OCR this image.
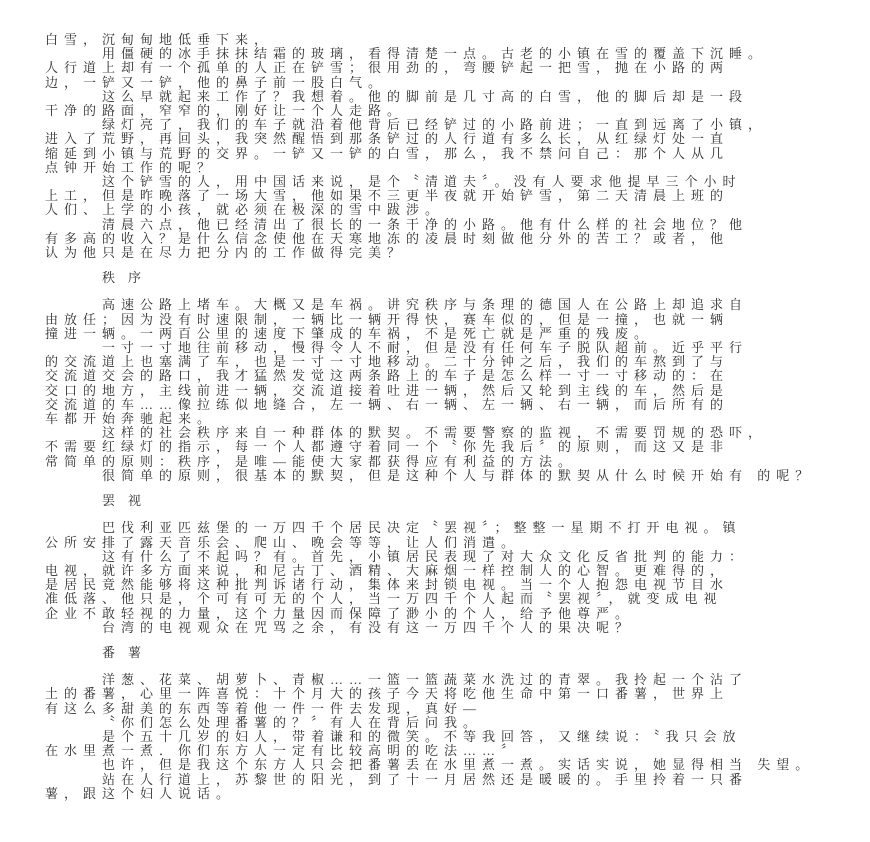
白雪，沉甸甸地低垂下来，
用僵硬的冰手抹抹结霜的玻璃，看得清楚一点。古老的小镇在雪的覆盖下沉睡。
人行道上却有一个孤单的人正在铲雪；很用劲的，弯腰铲起一把雪，抛在小路的两
边，一铲又一铲，他的鼻子前一股白气。
这么早就起来工作了？我想着。他的脚前是几寸高的白雪，他的脚后却是一段
干净的路面，窄窄的，刚好让一个人走路。
绿灯亮了，我们的车子就沿着他背后已经铲过的小路前进；一直到远离了小镇，
进入了荒野，再回头，我突然醒悟到那条铲过的人行道有多么长，从红绿灯处一直
缩延到小镇与荒野的交界。一铲又一铲的白雪，那么，我不禁问自己：那个人从几
点钟开始工作的呢？
这个铲雪的人，用中国话来说，是个〝清道夫〞。没有人要求他提早三个小时
上工，但是昨晚落了一场大雪，他如果不三更半夜就开始铲雪，第二天清晨上班的
人们、上学的小孩，就必须在极深的雪中跋涉。
清晨六点，他已经清出了很长的一条干净的小路。他有什么样的社会地位？他
有多高的收入？是什么信念使他在天寒地冻的凌晨时刻做他分外的苦工？或者，他
认为他只是在尽力把分内的工作做得完美？
秩序
高速公路上堵车。大概又是车祸。讲究秩序与条理的德国人在公路上却追求自
由放任；因为没有时速限制，一辆比一辆开得快，赛车似的，但是一撞，也就一辆
撞进一辆。一两百公里的速度下肇成的车祸，不是死亡就是严重的残废。
一寸一寸地往前移动，慢得令人不耐，但是没有任何车子脱队超前。近乎平行
的交流道上也塞满了车，也是一寸一寸地移动。二十分钟之后，我们的车熬到了与
交流道交会的路口，我才猛然发觉这两条路上的车子是怎么样一寸一寸移动的：在
交口的地方，主线前进一辆，交流道接着吐进一辆，然后又轮到主线的车，然后是
交流道的车……像拉练似地缝合，左一辆、右一辆、左一辆、右一辆，而后所有的
车都开始奔驰起来。
这样的社会秩序来自一种群体的默契。不需要警察的监视，不需要罚规的恐吓，
不需要红绿灯的指示，每一个人都遵守着同一个〝你先我后〞的原则，而这又是非
常简单的原则：秩序，是唯—能使大家都获得应有利益的方法。
很简单的原则，很基本的默契，但是这种个人与群体的默契从什么时候开始有 的呢？
罢视
巴伐利亚匹兹堡的一万四千个居民决定〝罢视〞；整整一星期不打开电视。镇
公所安排了露天音乐会、爬山、晚会等等，让人们消遣。
这有什么了不起吗？有。首先，小镇居民表现了对大众文化反省批判的能力：
电视，就许多方面来说，和尼古丁、酒精、大麻烟一样控制人的心智。更难得的，
是居民竟然能够将这种批判诉诸行动，集体来封锁电视。当一个人抱怨电视节目水
准低落、他只是，个可有可无的个人，当一万四千个人起而〝罢视〞，就变成电视
企业不敢轻视的力量，这个力量因而保障了渺小的个人，给予他尊严。
台湾的电视观众在咒骂之余，有没有这一万四千个人的果决呢？
番薯
洋葱、花菜、胡萝卜、青椒……一篮一篮蔬菜水洗过的青翠。我拎起一个沾了
土的番薯，心里一阵喜悦：十个月大的孩子今天将吃他生命中第一口番薯，世界上
有这么多甜美的东西等着他一件一件去发现，真好—
〝你们怎么处理番薯的？〞有人在背后问我。
是个五十几岁的妇人，带着谦和的微笑。不等我回答，又继续说：〝我只会放
在水里煮一煮．你们东方人一定有比较高明的吃法……〞
也许，但是我这个东方人只会把番薯丢在水里煮一煮。实话实说，她显得相当 失望。
站在人行道上，苏黎世的阳光，到了十一月居然还是暖暖的。手里拎着一只番
薯，跟这个妇人说话。
